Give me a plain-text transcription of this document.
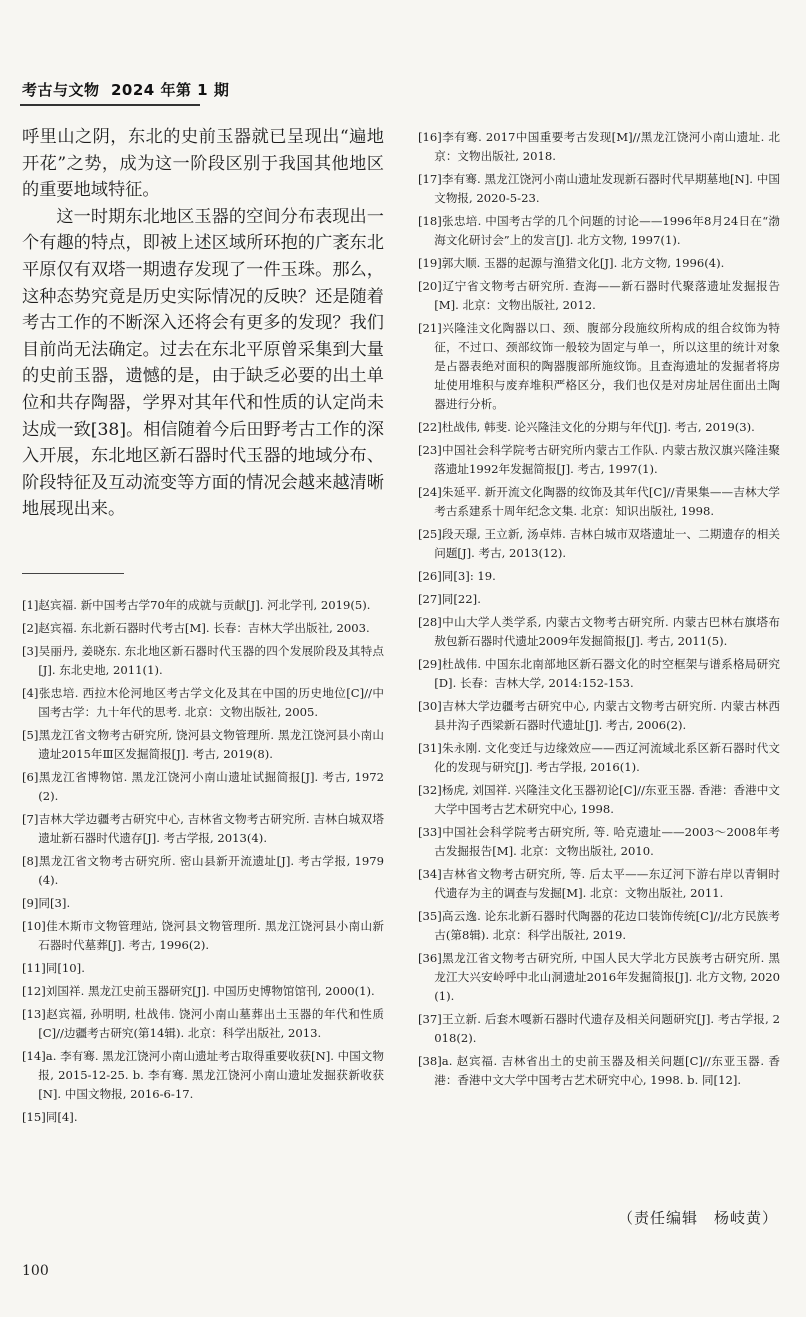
考古与文物 2024 年第 1 期

呼里山之阴，东北的史前玉器就已呈现出“遍地开花”之势，成为这一阶段区别于我国其他地区的重要地域特征。

这一时期东北地区玉器的空间分布表现出一个有趣的特点，即被上述区域所环抱的广袤东北平原仅有双塔一期遗存发现了一件玉珠。那么，这种态势究竟是历史实际情况的反映？还是随着考古工作的不断深入还将会有更多的发现？我们目前尚无法确定。过去在东北平原曾采集到大量的史前玉器，遗憾的是，由于缺乏必要的出土单位和共存陶器，学界对其年代和性质的认定尚未达成一致[38]。相信随着今后田野考古工作的深入开展，东北地区新石器时代玉器的地域分布、阶段特征及互动流变等方面的情况会越来越清晰地展现出来。

[1]赵宾福. 新中国考古学70年的成就与贡献[J]. 河北学刊, 2019(5).
[2]赵宾福. 东北新石器时代考古[M]. 长春：吉林大学出版社, 2003.
[3]吴丽丹, 姜晓东. 东北地区新石器时代玉器的四个发展阶段及其特点[J]. 东北史地, 2011(1).
[4]张忠培. 西拉木伦河地区考古学文化及其在中国的历史地位[C]//中国考古学：九十年代的思考. 北京：文物出版社, 2005.
[5]黑龙江省文物考古研究所, 饶河县文物管理所. 黑龙江饶河县小南山遗址2015年Ⅲ区发掘简报[J]. 考古, 2019(8).
[6]黑龙江省博物馆. 黑龙江饶河小南山遗址试掘简报[J]. 考古, 1972(2).
[7]吉林大学边疆考古研究中心, 吉林省文物考古研究所. 吉林白城双塔遗址新石器时代遗存[J]. 考古学报, 2013(4).
[8]黑龙江省文物考古研究所. 密山县新开流遗址[J]. 考古学报, 1979(4).
[9]同[3].
[10]佳木斯市文物管理站, 饶河县文物管理所. 黑龙江饶河县小南山新石器时代墓葬[J]. 考古, 1996(2).
[11]同[10].
[12]刘国祥. 黑龙江史前玉器研究[J]. 中国历史博物馆馆刊, 2000(1).
[13]赵宾福, 孙明明, 杜战伟. 饶河小南山墓葬出土玉器的年代和性质[C]//边疆考古研究(第14辑). 北京：科学出版社, 2013.
[14]a. 李有骞. 黑龙江饶河小南山遗址考古取得重要收获[N]. 中国文物报, 2015-12-25. b. 李有骞. 黑龙江饶河小南山遗址发掘获新收获[N]. 中国文物报, 2016-6-17.
[15]同[4].
[16]李有骞. 2017中国重要考古发现[M]//黑龙江饶河小南山遗址. 北京：文物出版社, 2018.
[17]李有骞. 黑龙江饶河小南山遗址发现新石器时代早期墓地[N]. 中国文物报, 2020-5-23.
[18]张忠培. 中国考古学的几个问题的讨论——1996年8月24日在“渤海文化研讨会”上的发言[J]. 北方文物, 1997(1).
[19]郭大顺. 玉器的起源与渔猎文化[J]. 北方文物, 1996(4).
[20]辽宁省文物考古研究所. 查海——新石器时代聚落遗址发掘报告[M]. 北京：文物出版社, 2012.
[21]兴隆洼文化陶器以口、颈、腹部分段施纹所构成的组合纹饰为特征，不过口、颈部纹饰一般较为固定与单一，所以这里的统计对象是占器表绝对面积的陶器腹部所施纹饰。且查海遗址的发掘者将房址使用堆积与废弃堆积严格区分，我们也仅是对房址居住面出土陶器进行分析。
[22]杜战伟, 韩斐. 论兴隆洼文化的分期与年代[J]. 考古, 2019(3).
[23]中国社会科学院考古研究所内蒙古工作队. 内蒙古敖汉旗兴隆洼聚落遗址1992年发掘简报[J]. 考古, 1997(1).
[24]朱延平. 新开流文化陶器的纹饰及其年代[C]//青果集——吉林大学考古系建系十周年纪念文集. 北京：知识出版社, 1998.
[25]段天璟, 王立新, 汤卓炜. 吉林白城市双塔遗址一、二期遗存的相关问题[J]. 考古, 2013(12).
[26]同[3]: 19.
[27]同[22].
[28]中山大学人类学系, 内蒙古文物考古研究所. 内蒙古巴林右旗塔布敖包新石器时代遗址2009年发掘简报[J]. 考古, 2011(5).
[29]杜战伟. 中国东北南部地区新石器文化的时空框架与谱系格局研究[D]. 长春：吉林大学, 2014:152-153.
[30]吉林大学边疆考古研究中心, 内蒙古文物考古研究所. 内蒙古林西县井沟子西梁新石器时代遗址[J]. 考古, 2006(2).
[31]朱永刚. 文化变迁与边缘效应——西辽河流域北系区新石器时代文化的发现与研究[J]. 考古学报, 2016(1).
[32]杨虎, 刘国祥. 兴隆洼文化玉器初论[C]//东亚玉器. 香港：香港中文大学中国考古艺术研究中心, 1998.
[33]中国社会科学院考古研究所, 等. 哈克遗址——2003～2008年考古发掘报告[M]. 北京：文物出版社, 2010.
[34]吉林省文物考古研究所, 等. 后太平——东辽河下游右岸以青铜时代遗存为主的调查与发掘[M]. 北京：文物出版社, 2011.
[35]高云逸. 论东北新石器时代陶器的花边口装饰传统[C]//北方民族考古(第8辑). 北京：科学出版社, 2019.
[36]黑龙江省文物考古研究所, 中国人民大学北方民族考古研究所. 黑龙江大兴安岭呼中北山洞遗址2016年发掘简报[J]. 北方文物, 2020(1).
[37]王立新. 后套木嘎新石器时代遗存及相关问题研究[J]. 考古学报, 2018(2).
[38]a. 赵宾福. 吉林省出土的史前玉器及相关问题[C]//东亚玉器. 香港：香港中文大学中国考古艺术研究中心, 1998. b. 同[12].
（责任编辑　杨岐黄）
100
